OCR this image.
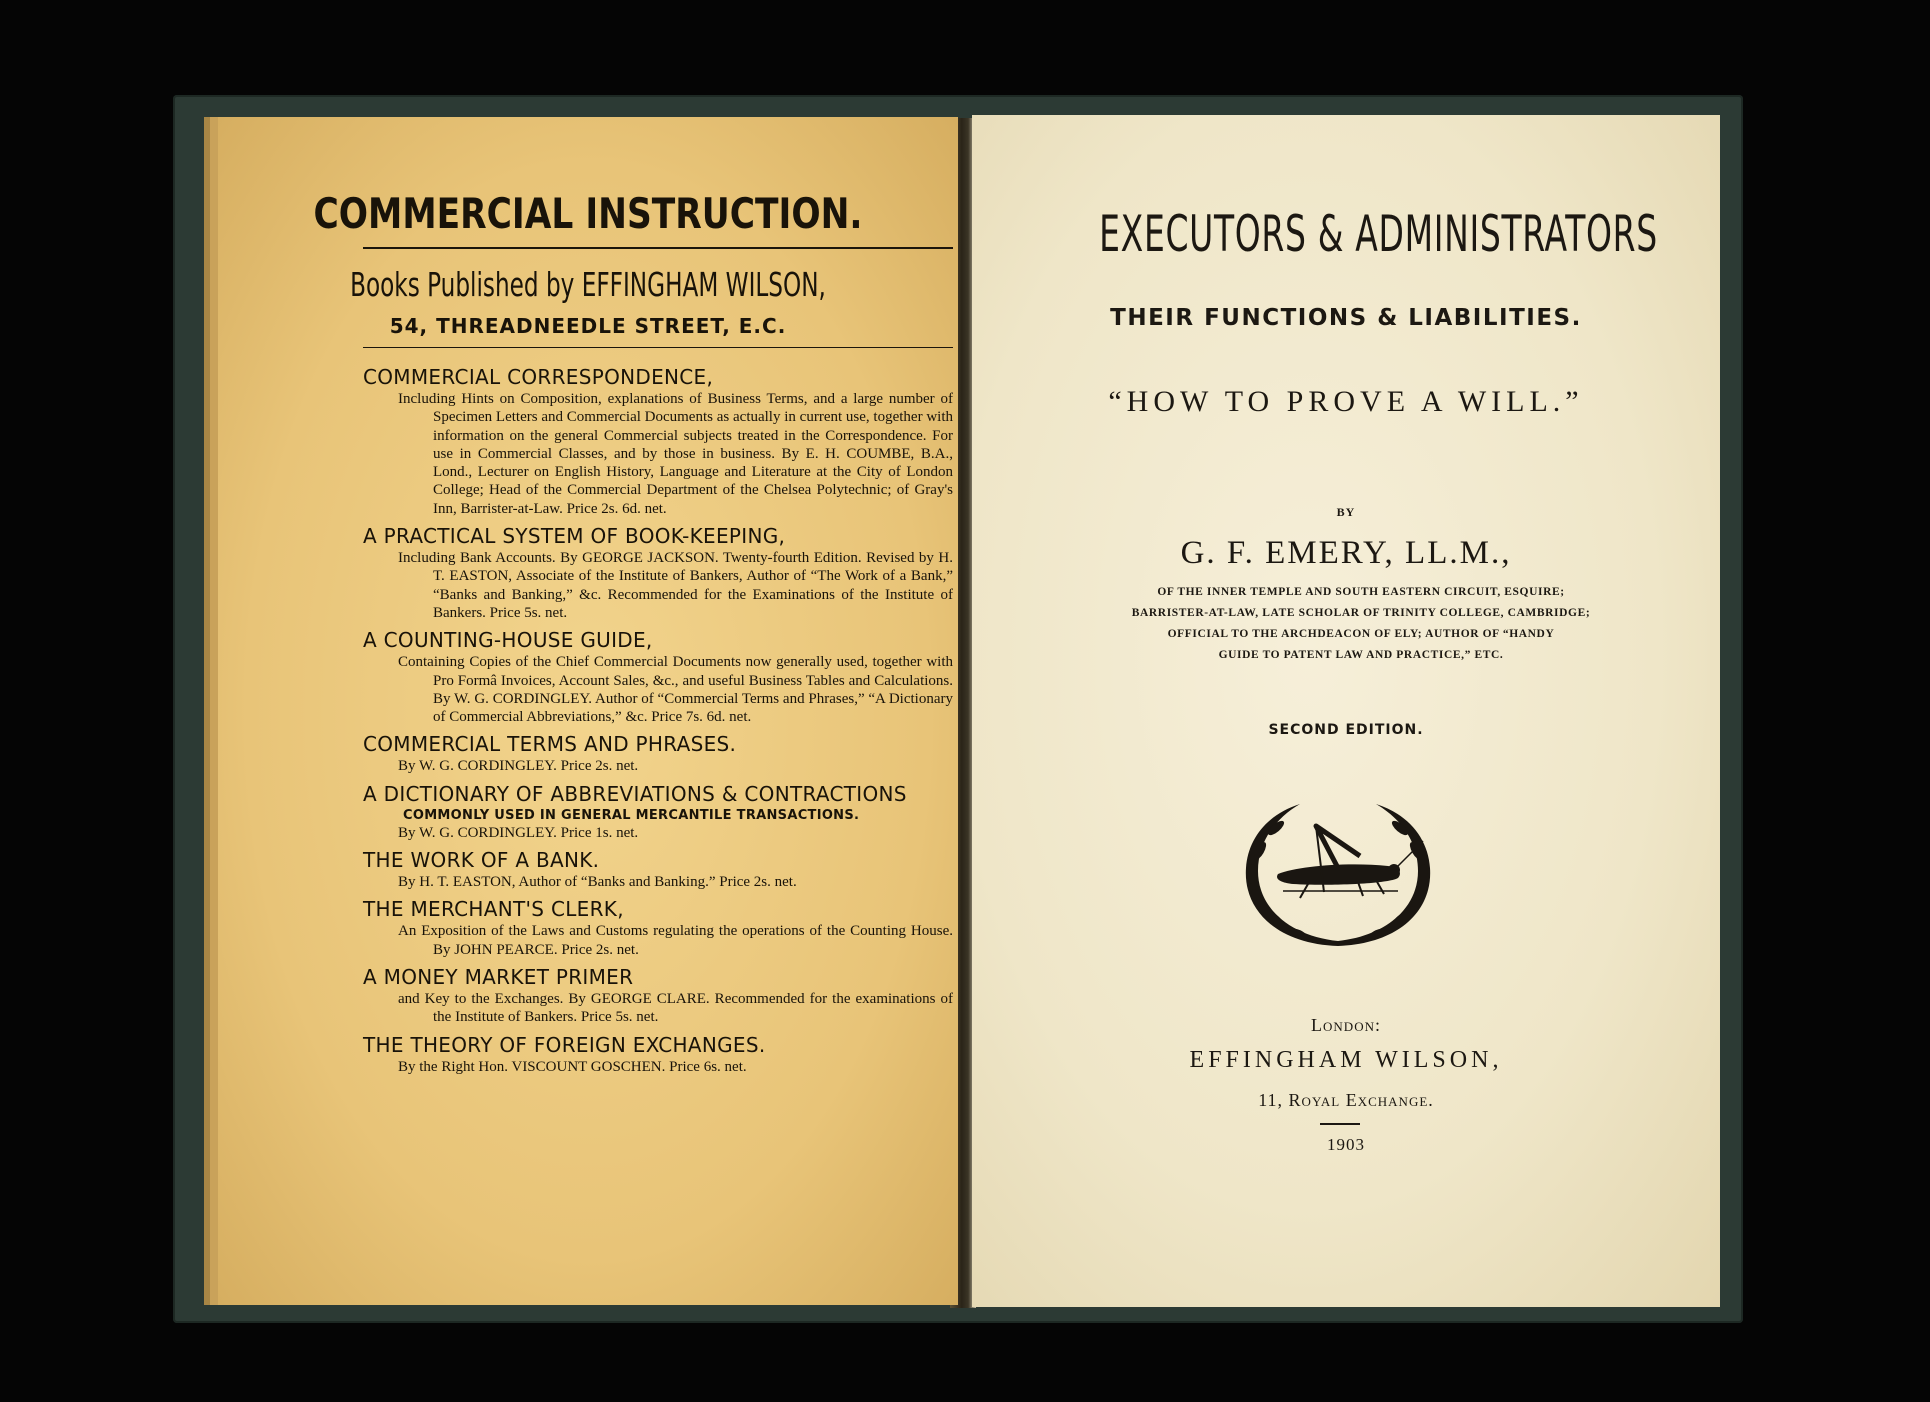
COMMERCIAL INSTRUCTION.
Books Published by EFFINGHAM WILSON,
54, THREADNEEDLE STREET, E.C.
COMMERCIAL CORRESPONDENCE,

Including Hints on Composition, explanations of Business Terms, and a large number of Specimen Letters and Commercial Documents as actually in current use, together with information on the general Commercial subjects treated in the Correspondence. For use in Commercial Classes, and by those in business. By E. H. COUMBE, B.A., Lond., Lecturer on English History, Language and Literature at the City of London College; Head of the Commercial Department of the Chelsea Polytechnic; of Gray's Inn, Barrister-at-Law. Price 2s. 6d. net.

A PRACTICAL SYSTEM OF BOOK-KEEPING,

Including Bank Accounts. By GEORGE JACKSON. Twenty-fourth Edition. Revised by H. T. EASTON, Associate of the Institute of Bankers, Author of “The Work of a Bank,” “Banks and Banking,” &c. Recommended for the Examinations of the Institute of Bankers. Price 5s. net.

A COUNTING-HOUSE GUIDE,

Containing Copies of the Chief Commercial Documents now generally used, together with Pro Formâ Invoices, Account Sales, &c., and useful Business Tables and Calculations. By W. G. CORDINGLEY. Author of “Commercial Terms and Phrases,” “A Dictionary of Commercial Abbreviations,” &c. Price 7s. 6d. net.

COMMERCIAL TERMS AND PHRASES.

By W. G. CORDINGLEY. Price 2s. net.

A DICTIONARY OF ABBREVIATIONS & CONTRACTIONS
COMMONLY USED IN GENERAL MERCANTILE TRANSACTIONS.

By W. G. CORDINGLEY. Price 1s. net.

THE WORK OF A BANK.

By H. T. EASTON, Author of “Banks and Banking.” Price 2s. net.

THE MERCHANT'S CLERK,

An Exposition of the Laws and Customs regulating the operations of the Counting House. By JOHN PEARCE. Price 2s. net.

A MONEY MARKET PRIMER

and Key to the Exchanges. By GEORGE CLARE. Recommended for the examinations of the Institute of Bankers. Price 5s. net.

THE THEORY OF FOREIGN EXCHANGES.

By the Right Hon. VISCOUNT GOSCHEN. Price 6s. net.

EXECUTORS & ADMINISTRATORS
THEIR FUNCTIONS & LIABILITIES.
“HOW TO PROVE A WILL.”
BY
G. F. EMERY, LL.M.,
OF THE INNER TEMPLE AND SOUTH EASTERN CIRCUIT, ESQUIRE;
BARRISTER-AT-LAW, LATE SCHOLAR OF TRINITY COLLEGE, CAMBRIDGE;
OFFICIAL TO THE ARCHDEACON OF ELY; AUTHOR OF “HANDY
GUIDE TO PATENT LAW AND PRACTICE,” ETC.
SECOND EDITION.
London:
EFFINGHAM WILSON,
11, Royal Exchange.
1903
